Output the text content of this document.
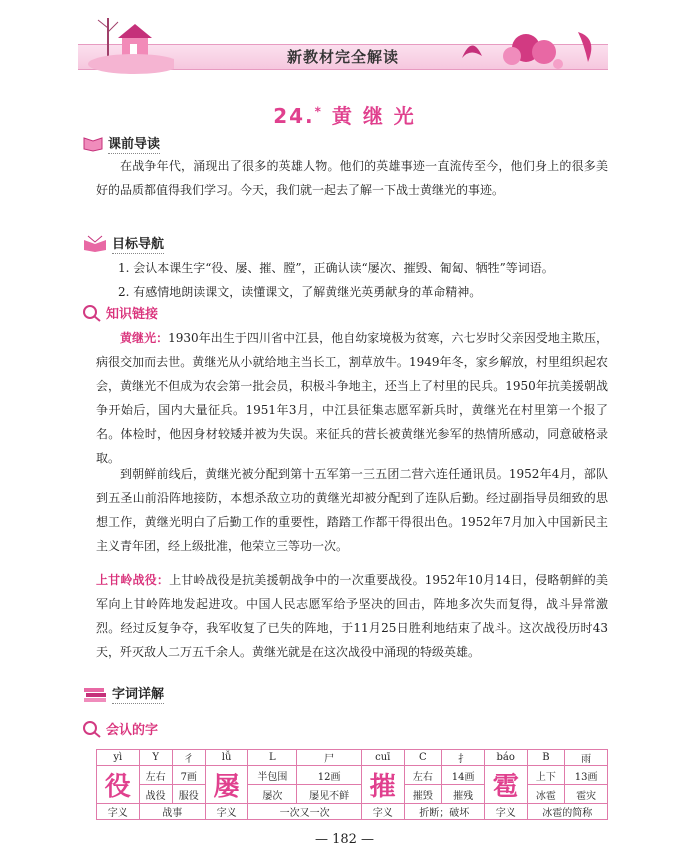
新教材完全解读
24.* 黄 继 光
课前导读
在战争年代，涌现出了很多的英雄人物。他们的英雄事迹一直流传至今，他们身上的很多美好的品质都值得我们学习。今天，我们就一起去了解一下战士黄继光的事迹。
目标导航
1. 会认本课生字“役、屡、摧、膛”，正确认读“屡次、摧毁、匍匐、牺牲”等词语。
2. 有感情地朗读课文，读懂课文，了解黄继光英勇献身的革命精神。
知识链接
黄继光：1930年出生于四川省中江县，他自幼家境极为贫寒，六七岁时父亲因受地主欺压，病很交加而去世。黄继光从小就给地主当长工，割草放牛。1949年冬，家乡解放，村里组织起农会，黄继光不但成为农会第一批会员，积极斗争地主，还当上了村里的民兵。1950年抗美援朝战争开始后，国内大量征兵。1951年3月，中江县征集志愿军新兵时，黄继光在村里第一个报了名。体检时，他因身材较矮并被为失误。来征兵的营长被黄继光参军的热情所感动，同意破格录取。
到朝鲜前线后，黄继光被分配到第十五军第一三五团二营六连任通讯员。1952年4月，部队到五圣山前沿阵地接防，本想杀敌立功的黄继光却被分配到了连队后勤。经过副指导员细致的思想工作，黄继光明白了后勤工作的重要性，踏踏工作都干得很出色。1952年7月加入中国新民主主义青年团，经上级批准，他荣立三等功一次。
上甘岭战役：上甘岭战役是抗美援朝战争中的一次重要战役。1952年10月14日，侵略朝鲜的美军向上甘岭阵地发起进攻。中国人民志愿军给予坚决的回击，阵地多次失而复得，战斗异常激烈。经过反复争夺，我军收复了已失的阵地，于11月25日胜利地结束了战斗。这次战役历时43天，歼灭敌人二万五千余人。黄继光就是在这次战役中涌现的特级英雄。
字词详解
会认的字
yì	Y	彳	lǚ	L	尸	cuī	C	扌	báo	B	雨
役	左右	7画	屡	半包围	12画	摧	左右	14画	雹	上下	13画
	战役	服役		屡次	屡见不鲜		摧毁	摧残		冰雹	雹灾
字义	战事		字义	一次又一次		字义	折断；破坏		字义	冰雹的简称	
— 182 —
